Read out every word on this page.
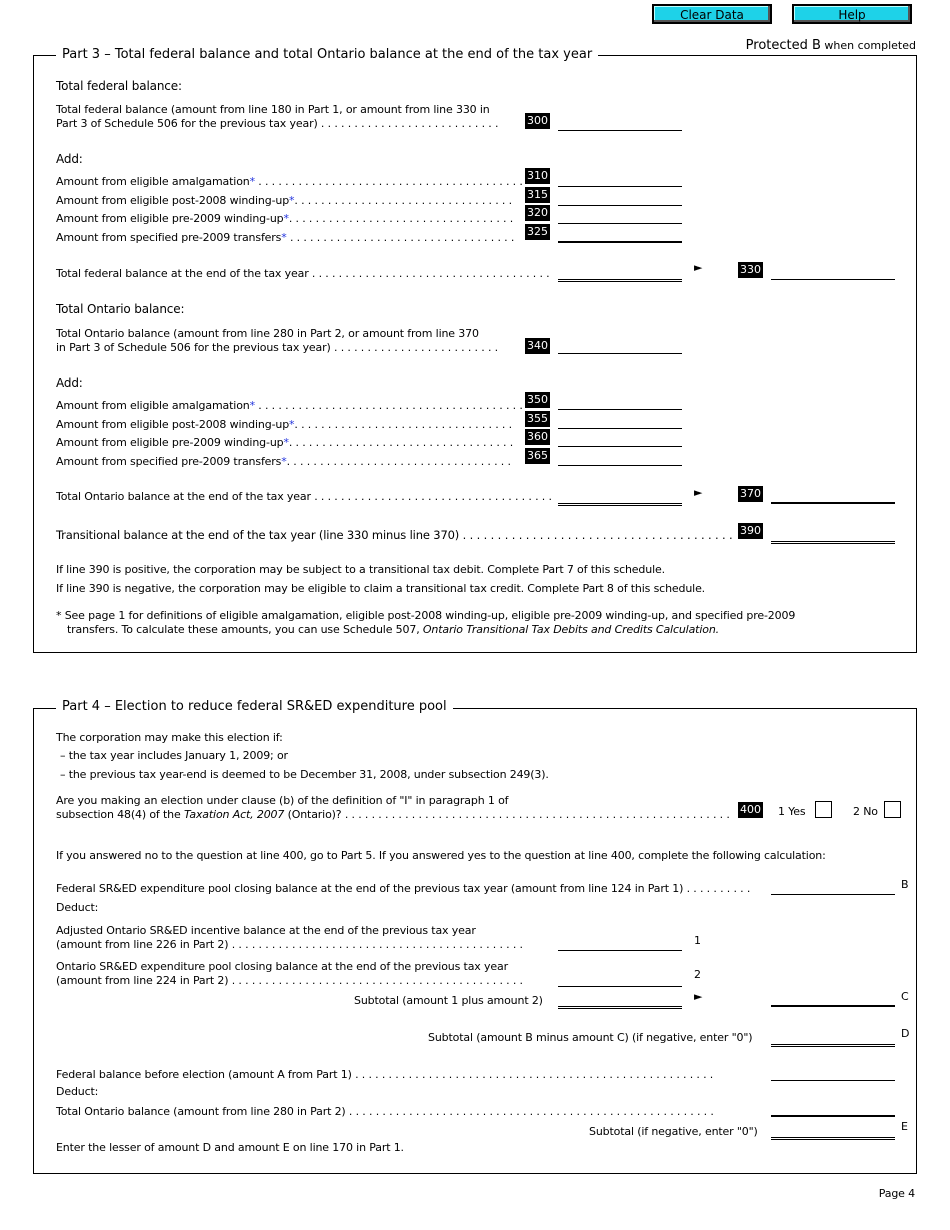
Clear Data	Help
Protected B when completed
Part 3 – Total federal balance and total Ontario balance at the end of the tax year
Total federal balance:
Total federal balance (amount from line 180 in Part 1, or amount from line 330 in
Part 3 of Schedule 506 for the previous tax year) . . . . . . . . . . . . . . . . . . . . . . . . . . .	300
Add:
Amount from eligible amalgamation* . . . . . . . . . . . . . . . . . . . . . . . . . . . . . . . . . . . . . . . . 310
Amount from eligible post-2008 winding-up*. . . . . . . . . . . . . . . . . . . . . . . . . . . . . . . . . 315
Amount from eligible pre-2009 winding-up*. . . . . . . . . . . . . . . . . . . . . . . . . . . . . . . . . . 320
Amount from specified pre-2009 transfers* . . . . . . . . . . . . . . . . . . . . . . . . . . . . . . . . . . 325
Total federal balance at the end of the tax year . . . . . . . . . . . . . . . . . . . . . . . . . . . . . . . . . . . .	►	330
Total Ontario balance:
Total Ontario balance (amount from line 280 in Part 2, or amount from line 370
in Part 3 of Schedule 506 for the previous tax year) . . . . . . . . . . . . . . . . . . . . . . . . .	340
Add:
Amount from eligible amalgamation* . . . . . . . . . . . . . . . . . . . . . . . . . . . . . . . . . . . . . . . . 350
Amount from eligible post-2008 winding-up*. . . . . . . . . . . . . . . . . . . . . . . . . . . . . . . . . 355
Amount from eligible pre-2009 winding-up*. . . . . . . . . . . . . . . . . . . . . . . . . . . . . . . . . . 360
Amount from specified pre-2009 transfers*. . . . . . . . . . . . . . . . . . . . . . . . . . . . . . . . . . 365
Total Ontario balance at the end of the tax year . . . . . . . . . . . . . . . . . . . . . . . . . . . . . . . . . . . .	►	370
Transitional balance at the end of the tax year (line 330 minus line 370) . . . . . . . . . . . . . . . . . . . . . . . . . . . . . . . . . . . . . . . 390
If line 390 is positive, the corporation may be subject to a transitional tax debit. Complete Part 7 of this schedule.
If line 390 is negative, the corporation may be eligible to claim a transitional tax credit. Complete Part 8 of this schedule.
* See page 1 for definitions of eligible amalgamation, eligible post-2008 winding-up, eligible pre-2009 winding-up, and specified pre-2009
transfers. To calculate these amounts, you can use Schedule 507, Ontario Transitional Tax Debits and Credits Calculation.
Part 4 – Election to reduce federal SR&ED expenditure pool
The corporation may make this election if:
– the tax year includes January 1, 2009; or
– the previous tax year-end is deemed to be December 31, 2008, under subsection 249(3).
Are you making an election under clause (b) of the definition of "I" in paragraph 1 of
subsection 48(4) of the Taxation Act, 2007 (Ontario)? . . . . . . . . . . . . . . . . . . . . . . . . . . . . . . . . . . . . . . . . . . . . . . . . . . . . . . . . . . 400 1 Yes	2 No
If you answered no to the question at line 400, go to Part 5. If you answered yes to the question at line 400, complete the following calculation:
Federal SR&ED expenditure pool closing balance at the end of the previous tax year (amount from line 124 in Part 1) . . . . . . . . . .	B
Deduct:
Adjusted Ontario SR&ED incentive balance at the end of the previous tax year
(amount from line 226 in Part 2) . . . . . . . . . . . . . . . . . . . . . . . . . . . . . . . . . . . . . . . . . . . .	1
Ontario SR&ED expenditure pool closing balance at the end of the previous tax year
(amount from line 224 in Part 2) . . . . . . . . . . . . . . . . . . . . . . . . . . . . . . . . . . . . . . . . . . . .	2
Subtotal (amount 1 plus amount 2)	►	C
Subtotal (amount B minus amount C) (if negative, enter "0")	D
Federal balance before election (amount A from Part 1) . . . . . . . . . . . . . . . . . . . . . . . . . . . . . . . . . . . . . . . . . . . . . . . . . . . . . .
Deduct:
Total Ontario balance (amount from line 280 in Part 2) . . . . . . . . . . . . . . . . . . . . . . . . . . . . . . . . . . . . . . . . . . . . . . . . . . . . . . .
Subtotal (if negative, enter "0")	E
Enter the lesser of amount D and amount E on line 170 in Part 1.
Page 4
